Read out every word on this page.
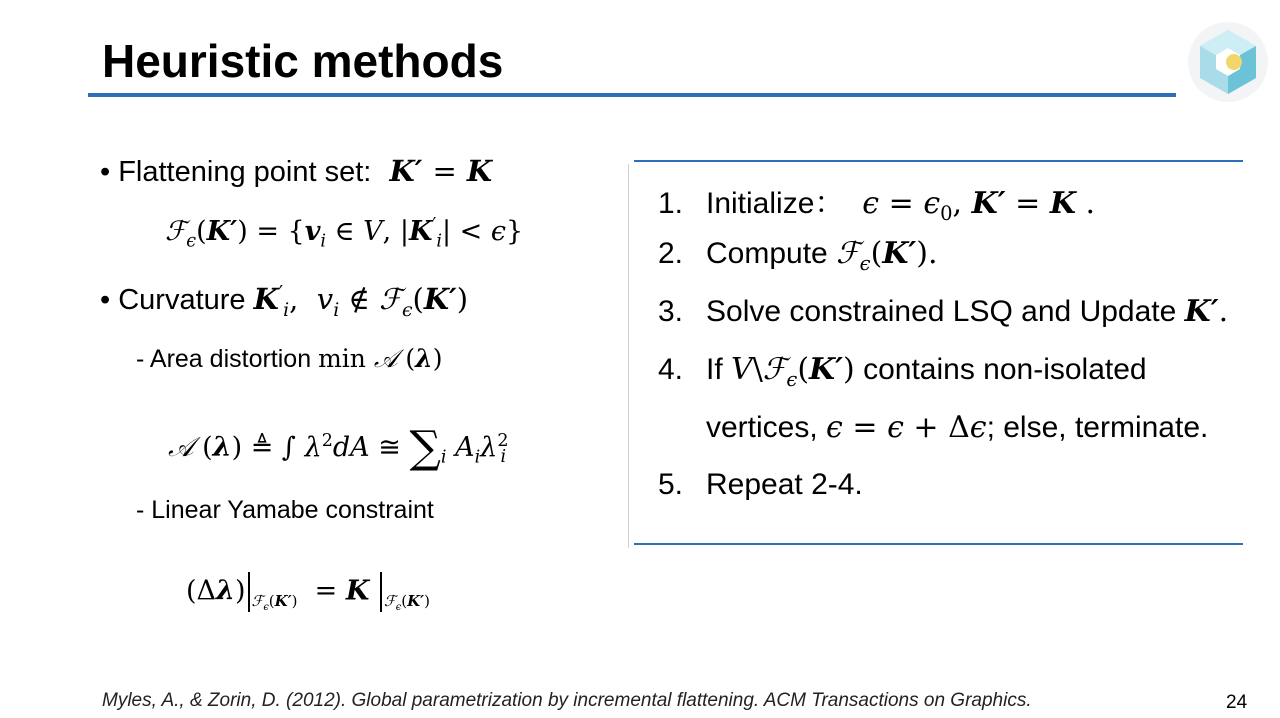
Heuristic methods
• Flattening point set:  K′ = K
ℱ$_\epsilon$(K′) = {$v_i$ ∈ V, $|K'_i| < \epsilon$}
• Curvature $K'_i$,  $v_i$ ∉ ℱ$_\epsilon$(K′)
- Area distortion min 𝒜 (λ)
𝒜 (λ) ≜ ∫ $\lambda^2dA$ ≅ $\sum_i$ $A_i\lambda^2_i$
- Linear Yamabe constraint
(Δλ) $_{ℱ_\epsilon(K')}$  = K $_{ℱ_\epsilon(K')}$
1. Initialize： $\epsilon = \epsilon_0$, K′ = K .
2. Compute ℱ$_\epsilon$(K′).
3. Solve constrained LSQ and Update K′.
4. If V\ℱ$_\epsilon$(K′) contains non-isolated
vertices, ϵ = ϵ + Δϵ; else, terminate.
5. Repeat 2-4.
Myles, A., & Zorin, D. (2012). Global parametrization by incremental flattening. ACM Transactions on Graphics.	24
